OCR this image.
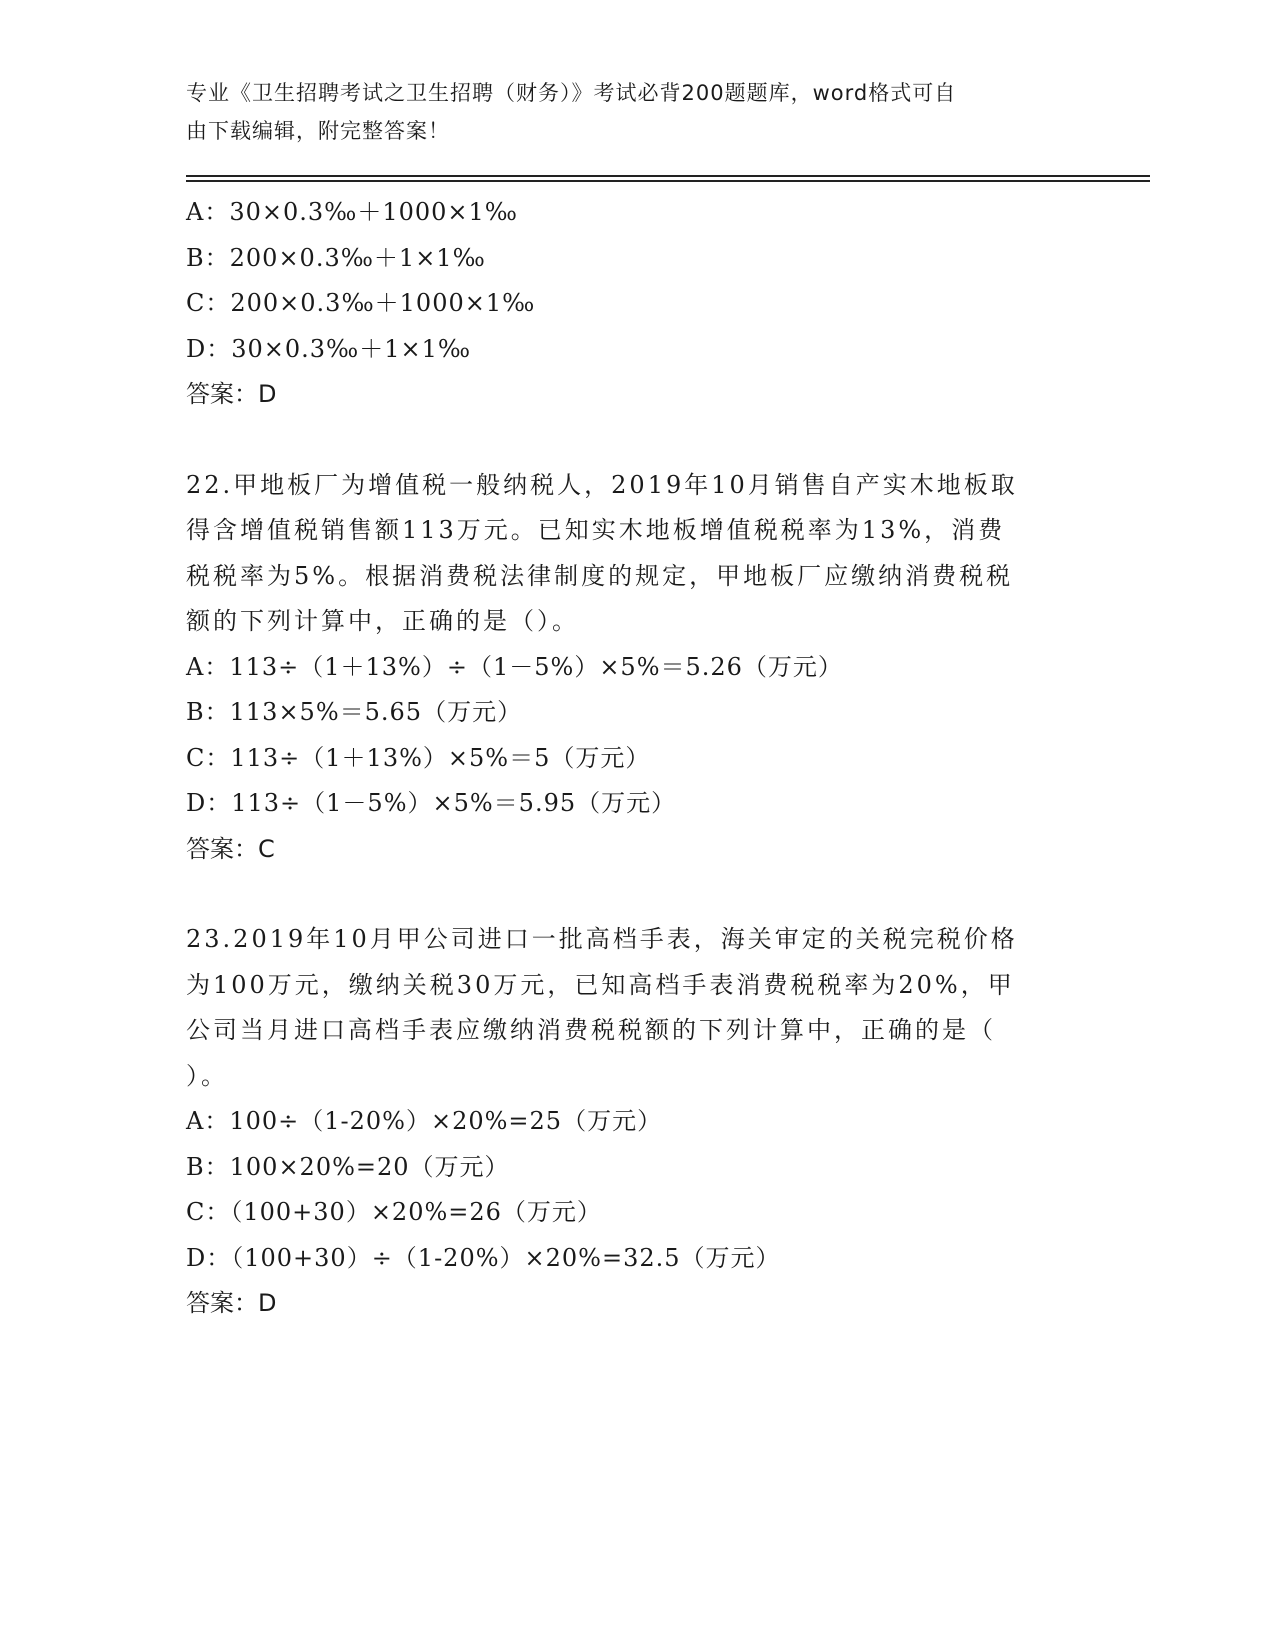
专业《卫生招聘考试之卫生招聘（财务）》考试必背200题题库，word格式可自
由下载编辑，附完整答案！
A：30×0.3‰＋1000×1‰
B：200×0.3‰＋1×1‰
C：200×0.3‰＋1000×1‰
D：30×0.3‰＋1×1‰
答案：D
22.甲地板厂为增值税一般纳税人，2019年10月销售自产实木地板取
得含增值税销售额113万元。已知实木地板增值税税率为13%，消费
税税率为5%。根据消费税法律制度的规定，甲地板厂应缴纳消费税税
额的下列计算中，正确的是（）。
A：113÷（1＋13%）÷（1－5%）×5%＝5.26（万元）
B：113×5%＝5.65（万元）
C：113÷（1＋13%）×5%＝5（万元）
D：113÷（1－5%）×5%＝5.95（万元）
答案：C
23.2019年10月甲公司进口一批高档手表，海关审定的关税完税价格
为100万元，缴纳关税30万元，已知高档手表消费税税率为20%，甲
公司当月进口高档手表应缴纳消费税税额的下列计算中，正确的是（
）。
A：100÷（1-20%）×20%=25（万元）
B：100×20%=20（万元）
C：（100+30）×20%=26（万元）
D：（100+30）÷（1-20%）×20%=32.5（万元）
答案：D
